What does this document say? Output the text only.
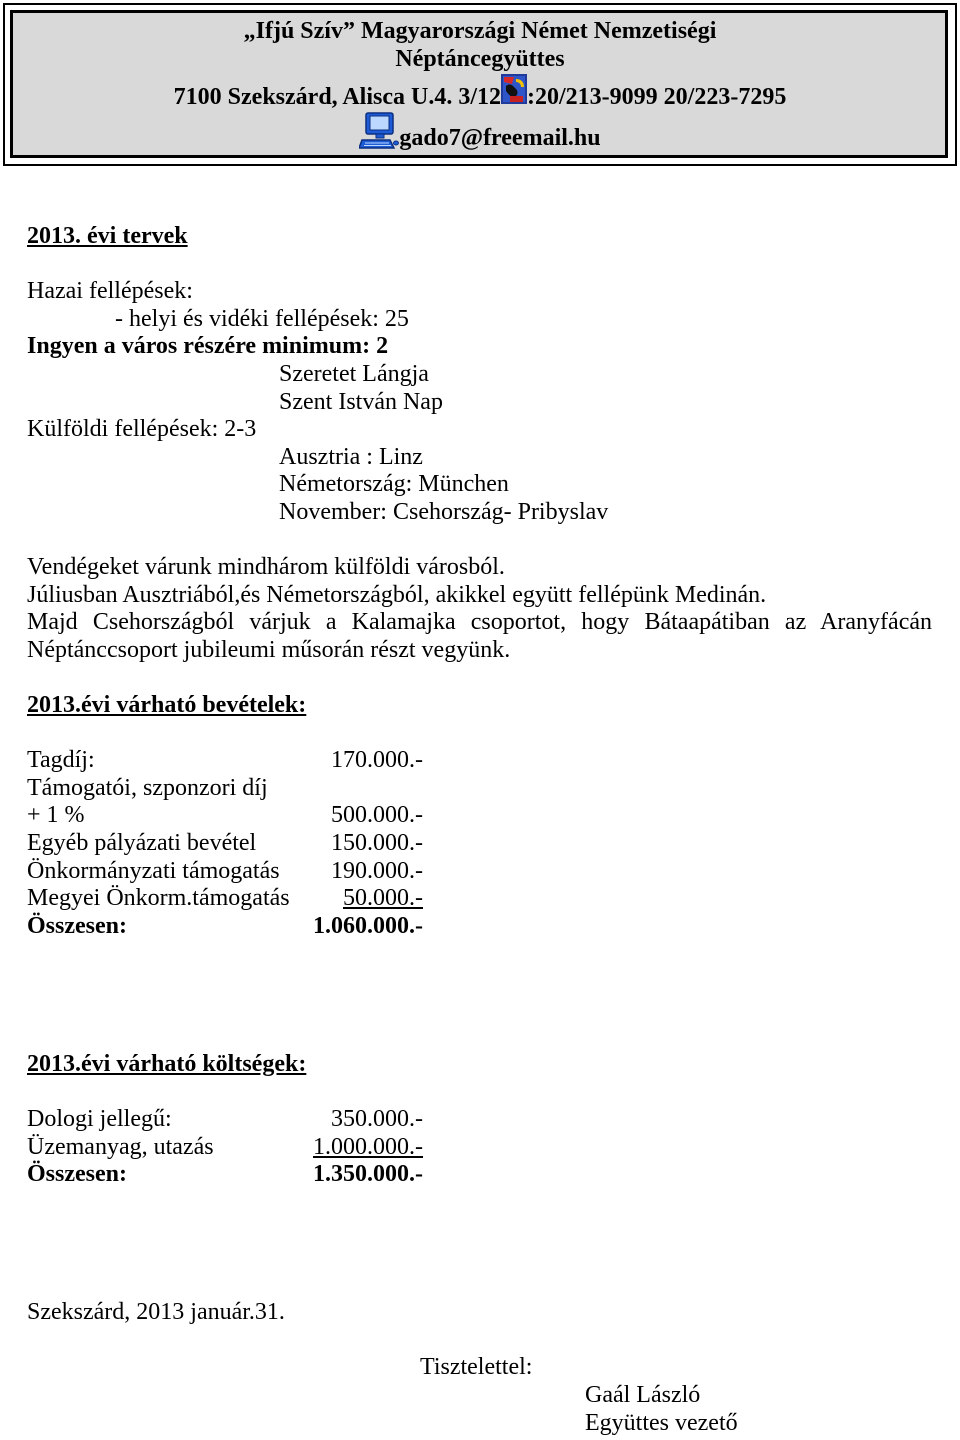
„Ifjú Szív” Magyarországi Német Nemzetiségi
Néptáncegyüttes
7100 Szekszárd, Alisca U.4. 3/12 :20/213-9099 20/223-7295
gado7@freemail.hu
2013. évi tervek
Hazai fellépések:
- helyi és vidéki fellépések: 25
Ingyen a város részére minimum: 2
Szeretet Lángja
Szent István Nap
Külföldi fellépések: 2-3
Ausztria : Linz
Németország: München
November: Csehország- Pribyslav
Vendégeket várunk mindhárom külföldi városból.
Júliusban Ausztriából,és Németországból, akikkel együtt fellépünk Medinán.
Majd Csehországból várjuk a Kalamajka csoportot, hogy Bátaapátiban az Aranyfácán
Néptánccsoport jubileumi műsorán részt vegyünk.
2013.évi várható bevételek:
Tagdíj:	170.000.-
Támogatói, szponzori díj
+ 1 %	500.000.-
Egyéb pályázati bevétel	150.000.-
Önkormányzati támogatás	190.000.-
Megyei Önkorm.támogatás	50.000.-
Összesen:	1.060.000.-
2013.évi várható költségek:
Dologi jellegű:	350.000.-
Üzemanyag, utazás	1.000.000.-
Összesen:	1.350.000.-
Szekszárd, 2013 január.31.
Tisztelettel:
Gaál László
Együttes vezető
